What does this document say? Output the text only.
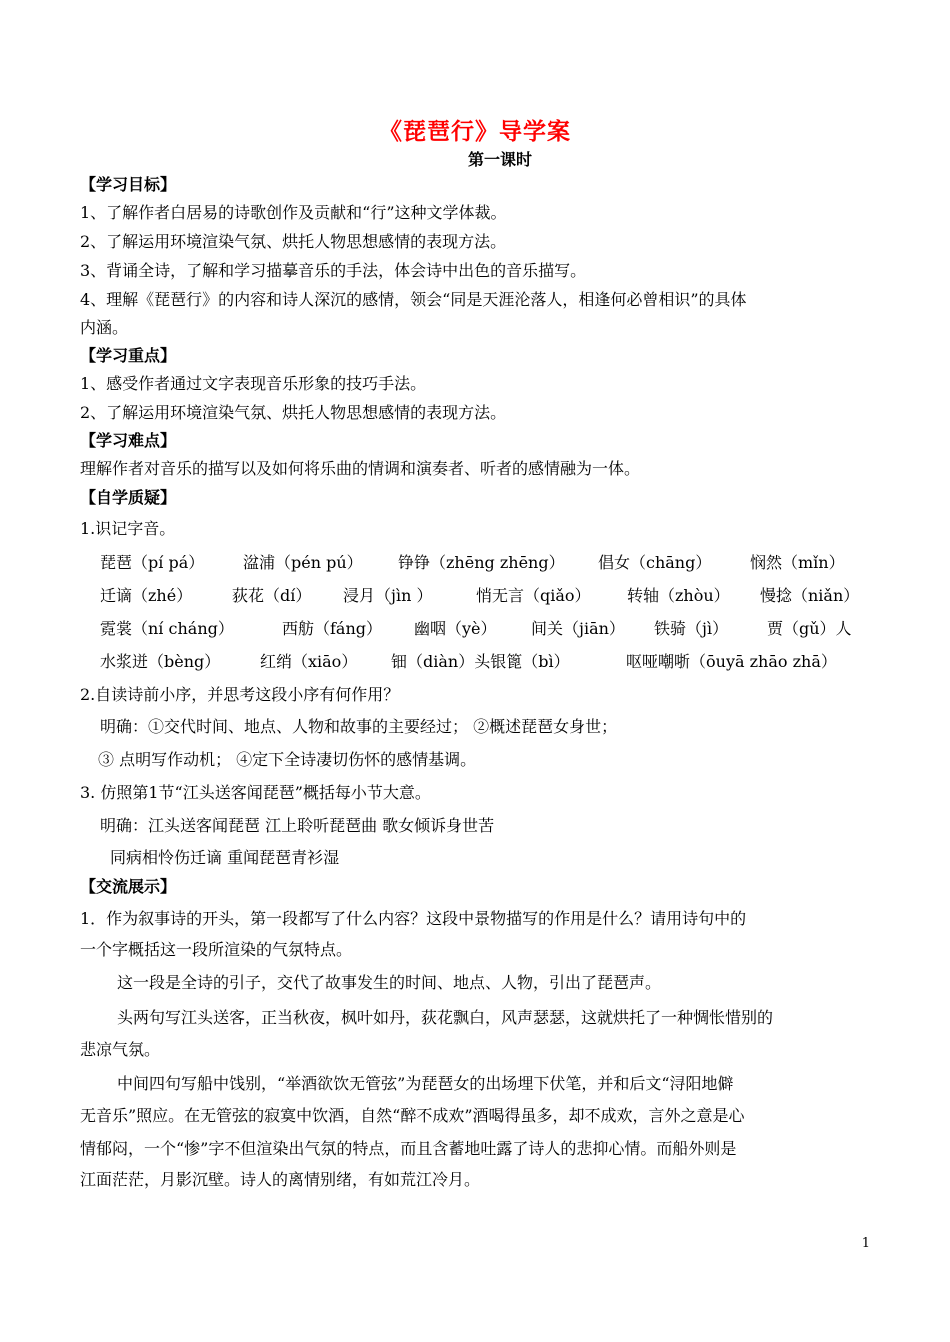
《琵琶行》导学案
第一课时
【学习目标】
1、了解作者白居易的诗歌创作及贡献和“行”这种文学体裁。
2、了解运用环境渲染气氛、烘托人物思想感情的表现方法。
3、背诵全诗，了解和学习描摹音乐的手法，体会诗中出色的音乐描写。
4、理解《琵琶行》的内容和诗人深沉的感情，领会“同是天涯沦落人，相逢何必曾相识”的具体
内涵。
【学习重点】
1、感受作者通过文字表现音乐形象的技巧手法。
2、了解运用环境渲染气氛、烘托人物思想感情的表现方法。
【学习难点】
理解作者对音乐的描写以及如何将乐曲的情调和演奏者、听者的感情融为一体。
【自学质疑】
1.识记字音。
琵琶（pí pá） 湓浦（pén pú） 铮铮（zhēng zhēng） 倡女（chāng） 悯然（mǐn）
迁谪（zhé） 荻花（dí） 浸月（jìn ）	悄无言（qiǎo） 转轴（zhòu） 慢捻（niǎn）
霓裳（ní cháng）	西舫（fáng） 幽咽（yè） 间关（jiān） 铁骑（jì） 贾（gǔ）人
水浆迸（bèng） 红绡（xiāo） 钿（diàn）头银篦（bì）	呕哑嘲哳（ōuyā zhāo zhā）
2.自读诗前小序，并思考这段小序有何作用？
明确：①交代时间、地点、人物和故事的主要经过； ②概述琵琶女身世；
③ 点明写作动机； ④定下全诗凄切伤怀的感情基调。
3. 仿照第1节“江头送客闻琵琶”概括每小节大意。
明确：江头送客闻琵琶 江上聆听琵琶曲 歌女倾诉身世苦
同病相怜伤迁谪 重闻琵琶青衫湿
【交流展示】
1．作为叙事诗的开头，第一段都写了什么内容？这段中景物描写的作用是什么？请用诗句中的
一个字概括这一段所渲染的气氛特点。
这一段是全诗的引子，交代了故事发生的时间、地点、人物，引出了琵琶声。
头两句写江头送客，正当秋夜，枫叶如丹，荻花飘白，风声瑟瑟，这就烘托了一种惆怅惜别的
悲凉气氛。
中间四句写船中饯别，“举酒欲饮无管弦”为琵琶女的出场埋下伏笔，并和后文“浔阳地僻
无音乐”照应。在无管弦的寂寞中饮酒，自然“醉不成欢”酒喝得虽多，却不成欢，言外之意是心
情郁闷，一个“惨”字不但渲染出气氛的特点，而且含蓄地吐露了诗人的悲抑心情。而船外则是
江面茫茫，月影沉壁。诗人的离情别绪，有如荒江冷月。
1
